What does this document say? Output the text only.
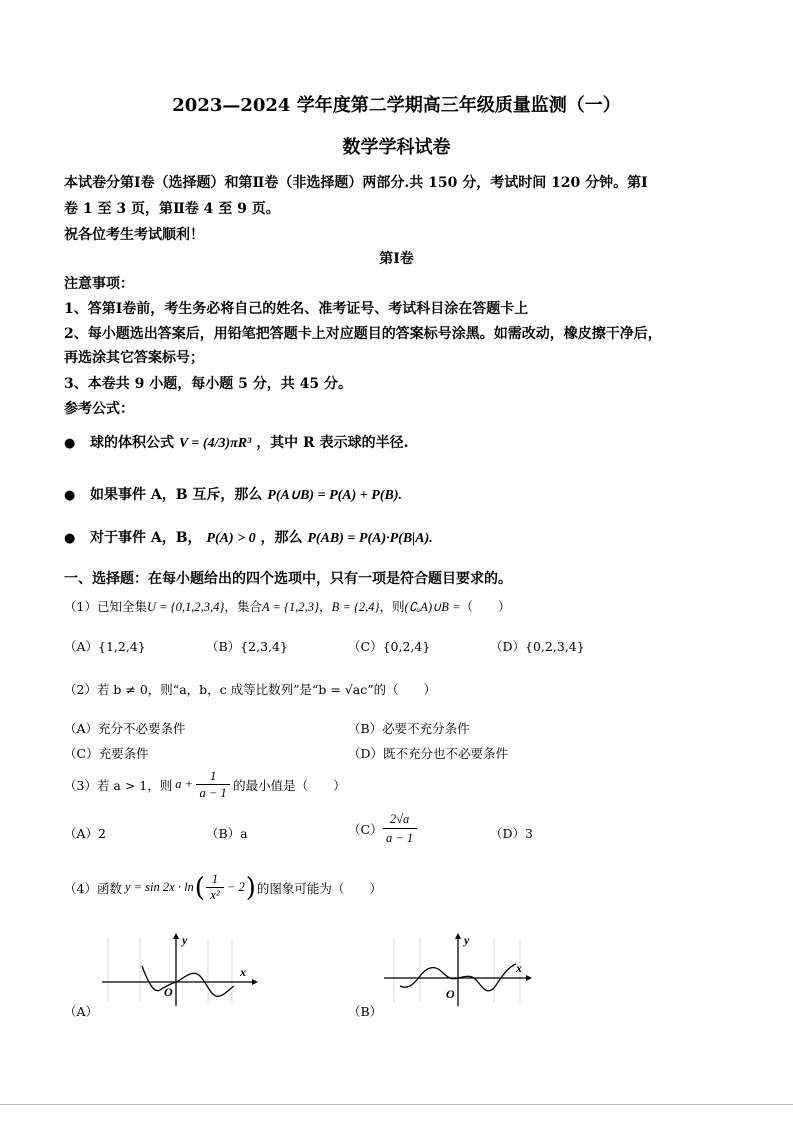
2023—2024 学年度第二学期高三年级质量监测（一）
数学学科试卷
本试卷分第Ⅰ卷（选择题）和第Ⅱ卷（非选择题）两部分.共 150 分，考试时间 120 分钟。第Ⅰ
卷 1 至 3 页，第Ⅱ卷 4 至 9 页。
祝各位考生考试顺利！
第Ⅰ卷
注意事项：
1、答第Ⅰ卷前，考生务必将自己的姓名、准考证号、考试科目涂在答题卡上
2、每小题选出答案后，用铅笔把答题卡上对应题目的答案标号涂黑。如需改动，橡皮擦干净后，
再选涂其它答案标号；
3、本卷共 9 小题，每小题 5 分，共 45 分。
参考公式：
● 球的体积公式 V = (4/3)πR³ ，其中 R 表示球的半径.
● 如果事件 A，B 互斥，那么 P(A∪B) = P(A) + P(B).
● 对于事件 A，B， P(A) > 0 ，那么 P(AB) = P(A)·P(B|A).
一、选择题：在每小题给出的四个选项中，只有一项是符合题目要求的。
（1）已知全集U = {0,1,2,3,4}，集合A = {1,2,3}，B = {2,4}，则(∁ᵤA)∪B =（　　）
（A）{1,2,4}	（B）{2,3,4}	（C）{0,2,4}	（D）{0,2,3,4}
（2）若 b ≠ 0，则“a，b，c 成等比数列”是“b = √ac”的（　　）
（A）充分不必要条件	（B）必要不充分条件
（C）充要条件	（D）既不充分也不必要条件
（3）若 a > 1，则 a +
1
a − 1
的最小值是（　　）
（A）2	（B）a	（C）
2√a
a − 1	（D）3
（4）函数 y = sin 2x · ln ( 1
x²
− 2 ) 的图象可能为（　　）
y
x
O
（A）
y
x
O
（B）
